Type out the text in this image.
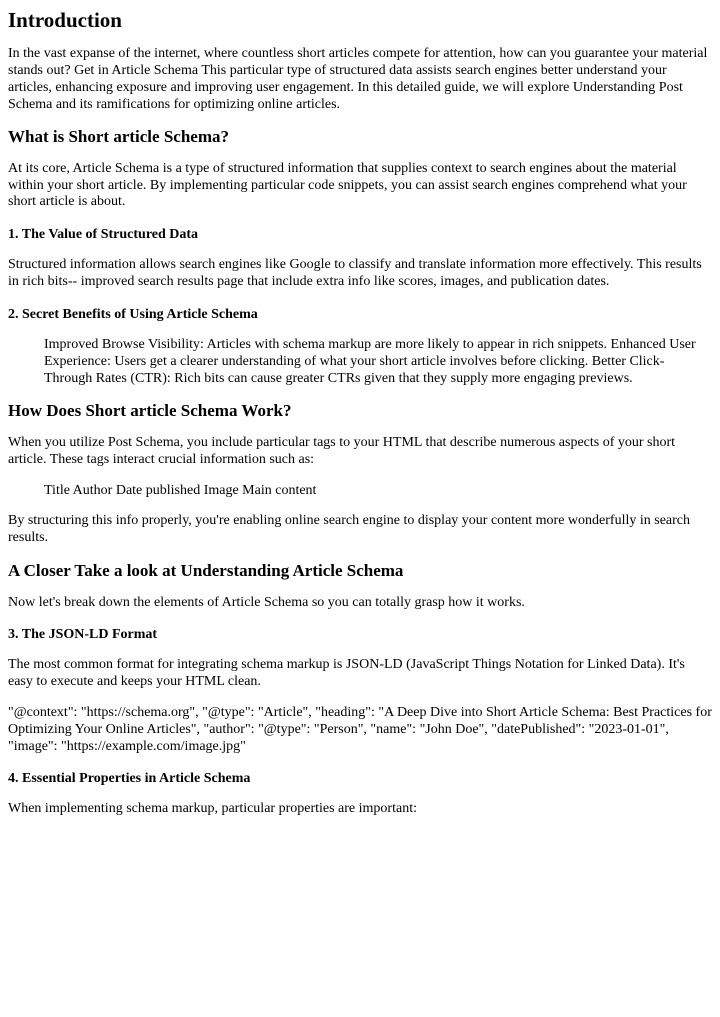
Introduction

In the vast expanse of the internet, where countless short articles compete for attention, how can you guarantee your material stands out? Get in Article Schema This particular type of structured data assists search engines better understand your articles, enhancing exposure and improving user engagement. In this detailed guide, we will explore Understanding Post Schema and its ramifications for optimizing online articles.

What is Short article Schema?

At its core, Article Schema is a type of structured information that supplies context to search engines about the material within your short article. By implementing particular code snippets, you can assist search engines comprehend what your short article is about.

1. The Value of Structured Data

Structured information allows search engines like Google to classify and translate information more effectively. This results in rich bits-- improved search results page that include extra info like scores, images, and publication dates.

2. Secret Benefits of Using Article Schema
Improved Browse Visibility: Articles with schema markup are more likely to appear in rich snippets. Enhanced User Experience: Users get a clearer understanding of what your short article involves before clicking. Better Click-Through Rates (CTR): Rich bits can cause greater CTRs given that they supply more engaging previews.
How Does Short article Schema Work?

When you utilize Post Schema, you include particular tags to your HTML that describe numerous aspects of your short article. These tags interact crucial information such as:

Title Author Date published Image Main content

By structuring this info properly, you're enabling online search engine to display your content more wonderfully in search results.

A Closer Take a look at Understanding Article Schema

Now let's break down the elements of Article Schema so you can totally grasp how it works.

3. The JSON-LD Format

The most common format for integrating schema markup is JSON-LD (JavaScript Things Notation for Linked Data). It's easy to execute and keeps your HTML clean.

"@context": "https://schema.org", "@type": "Article", "heading": "A Deep Dive into Short Article Schema: Best Practices for Optimizing Your Online Articles", "author": "@type": "Person", "name": "John Doe", "datePublished": "2023-01-01", "image": "https://example.com/image.jpg"

4. Essential Properties in Article Schema

When implementing schema markup, particular properties are important:
